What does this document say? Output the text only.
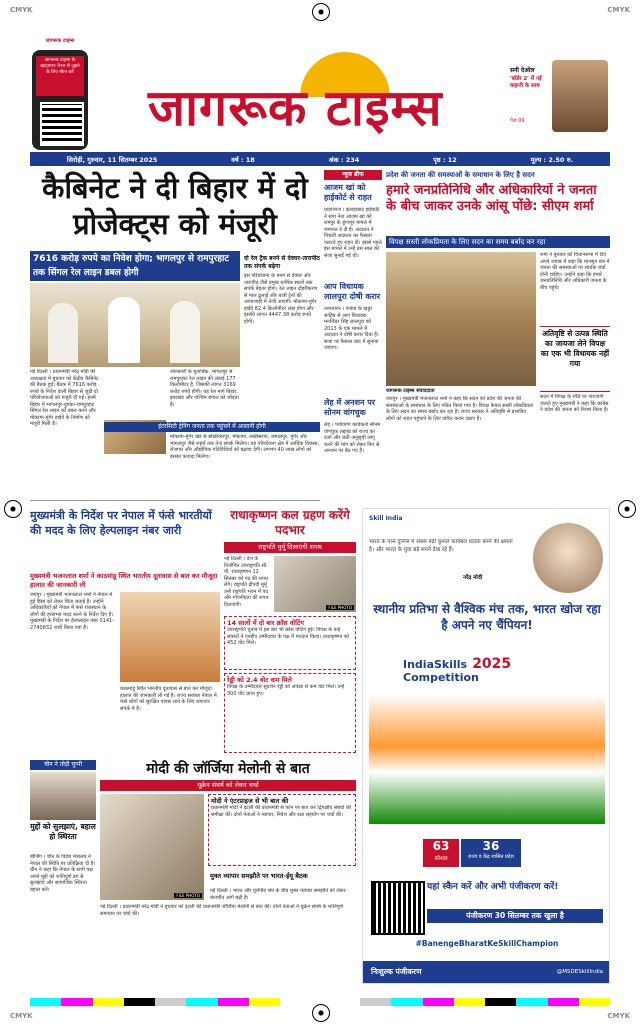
CMYK	CMYK
CMYK	CMYK
जागरूक टाइम्स के व्हाट्सएप चैनल से जुड़ने के लिए स्कैन करें
जागरूक टाइम्स
जागरूक टाइम्स
सनी देओल
'बॉर्डर 2' में नई कहानी के साथ
पेज 09
सिरोही, गुरुवार, 11 सितम्बर 2025	वर्ष : 18	अंक : 234	पृष्ठ : 12	मूल्य : 2.50 रु.
कैबिनेट ने दी बिहार में दो प्रोजेक्ट्स को मंजूरी
7616 करोड़ रुपये का निवेश होगा; भागलपुर से रामपुरहाट तक सिंगल रेल लाइन डबल होगी
नई दिल्ली । प्रधानमंत्री नरेंद्र मोदी की अध्यक्षता में बुधवार को केंद्रीय कैबिनेट की बैठक हुई। बैठक में 7616 करोड़ रुपये के निवेश वाली बिहार से जुड़ी दो परियोजनाओं को मंजूरी दी गई। इनमें बिहार में भागलपुर-दुमका-रामपुरहाट सिंगल रेल लाइन को डबल करने और मोकामा-मुंगेर हाईवे के निर्माण को मंजूरी मिली है।
जानकारी के मुताबिक, भागलपुर से रामपुरहाट रेल लाइन की लंबाई 177 किलोमीटर है, जिसकी लागत 3169 करोड़ रुपये होगी। यह रेल मार्ग बिहार, झारखंड और पश्चिम बंगाल को जोड़ता है।
दो रेल ट्रैक बनने से देवघर-तारापीठ तक संपर्क बढ़ेगा
इस परियोजना के बनने से देवघर और तारापीठ जैसे प्रमुख धार्मिक स्थलों तक संपर्क बेहतर होगा। रेल लाइन दोहरीकरण से माल ढुलाई और यात्री ट्रेनों की आवाजाही में तेजी आएगी। मोकामा-मुंगेर हाईवे 82.4 किलोमीटर लंबा होगा और इसकी लागत 4447.38 करोड़ रुपये होगी।
इंटरसिटी ट्रेनिंग जनता तक पहुंचने में आसानी होगी
मोकामा-मुंगेर खंड से बख्तियारपुर, मोकामा, लखीसराय, जमालपुर, मुंगेर और भागलपुर जैसे शहरों तक तेज संपर्क मिलेगा। यह परियोजना क्षेत्र में आर्थिक विकास, रोजगार और औद्योगिक गतिविधियों को बढ़ावा देगी। लगभग 40 लाख लोगों को इसका फायदा मिलेगा।
न्यूज ब्रीफ
आजम खां को हाईकोर्ट से राहत
प्रयागराज । इलाहाबाद हाईकोर्ट ने सपा नेता आजम खां को रामपुर के डूंगरपुर मामले में जमानत दे दी है। अदालत ने निचली अदालत का फैसला पलटते हुए राहत दी। इससे पहले इस मामले में उन्हें दस साल की सजा सुनाई गई थी।
आप विधायक लालपुरा दोषी करार
तरनतारन । पंजाब के खडूर साहिब से आप विधायक मनजिंदर सिंह लालपुरा को 2013 के एक मामले में अदालत ने दोषी करार दिया है। सजा पर फैसला बाद में सुनाया जाएगा।
लेह में अनशन पर सोनम वांगचुक
लेह । पर्यावरण कार्यकर्ता सोनम वांगचुक लद्दाख को राज्य का दर्जा और छठी अनुसूची लागू करने की मांग को लेकर फिर से अनशन पर बैठ गए हैं।
प्रदेश की जनता की समस्याओं के समाधान के लिए है सदन
हमारे जनप्रतिनिधि और अधिकारियों ने जनता के बीच जाकर उनके आंसू पोंछे: सीएम शर्मा
विपक्ष सस्ती लोकप्रियता के लिए सदन का समय बर्बाद कर रहा
जागरूक टाइम्स संवाददाता
जयपुर । मुख्यमंत्री भजनलाल शर्मा ने कहा कि सदन को प्रदेश की जनता की समस्याओं के समाधान के लिए गठित किया गया है। विपक्ष केवल सस्ती लोकप्रियता के लिए सदन का समय बर्बाद कर रहा है। राज्य सरकार ने अतिवृष्टि से प्रभावित लोगों को राहत पहुंचाने के लिए त्वरित कदम उठाए हैं।
शर्मा ने बुधवार को विधानसभा में दिए अपने जवाब में कहा कि मानसून सत्र में जनता की समस्याओं पर सार्थक चर्चा होनी चाहिए। उन्होंने कहा कि हमारे जनप्रतिनिधि और अधिकारी जनता के बीच पहुंचे।
अतिवृष्टि से उत्पन्न स्थिति का जायजा लेने विपक्ष का एक भी विधायक नहीं गया
सदन में विपक्ष के रवैये पर नाराजगी जताते हुए मुख्यमंत्री ने कहा कि कांग्रेस ने प्रदेश की जनता को निराश किया है।
मुख्यमंत्री के निर्देश पर नेपाल में फंसे भारतीयों की मदद के लिए हेल्पलाइन नंबर जारी
मुख्यमंत्री भजनलाल शर्मा ने काठमांडू स्थित भारतीय दूतावास से बात कर मौजूदा हालात की जानकारी ली
जयपुर । मुख्यमंत्री भजनलाल शर्मा ने नेपाल में हुई हिंसा को लेकर चिंता जताई है। उन्होंने अधिकारियों को नेपाल में फंसे राजस्थान के लोगों की हरसंभव मदद करने के निर्देश दिए हैं। मुख्यमंत्री के निर्देश पर हेल्पलाइन नंबर 0141-2740832 जारी किया गया है।
काठमांडू स्थित भारतीय दूतावास से बात कर मौजूदा हालात की जानकारी ली गई है। राज्य सरकार नेपाल में फंसे लोगों को सुरक्षित वापस लाने के लिए लगातार संपर्क में है।
राधाकृष्णन कल ग्रहण करेंगे पदभार
राष्ट्रपति मुर्मू दिलाएंगी शपथ
नई दिल्ली । देश के निर्वाचित उपराष्ट्रपति सी. पी. राधाकृष्णन 12 सितंबर को पद की शपथ लेंगे। राष्ट्रपति द्रौपदी मुर्मू उन्हें राष्ट्रपति भवन में पद और गोपनीयता की शपथ दिलाएंगी।	FILE PHOTO
14 सालों में दो बार क्रॉस वोटिंग
उपराष्ट्रपति चुनाव में इस बार भी क्रॉस वोटिंग हुई। विपक्ष के कई सांसदों ने एनडीए उम्मीदवार के पक्ष में मतदान किया। राधाकृष्णन को 452 वोट मिले।
रेड्डी को 2.4 वोट कम मिले
विपक्ष के उम्मीदवार सुदर्शन रेड्डी को अपेक्षा से कम वोट मिले। उन्हें 300 वोट प्राप्त हुए।
चीन ने तोड़ी चुप्पी
मुद्दों को सुलझाएं, बहाल हो स्थिरता
बीजिंग । चीन के विदेश मंत्रालय ने नेपाल की स्थिति पर प्रतिक्रिया दी है। चीन ने कहा कि नेपाल के सभी पक्ष अपने मुद्दों को शांतिपूर्ण ढंग से सुलझाएं और सामाजिक स्थिरता बहाल करें।
मोदी की जॉर्जिया मेलोनी से बात
यूक्रेन संघर्ष को लेकर चर्चा
FILE PHOTO
मोदी ने एंटरप्राइज से भी बात की
प्रधानमंत्री मोदी ने इटली की प्रधानमंत्री से फोन पर बात कर द्विपक्षीय संबंधों की समीक्षा की। दोनों नेताओं ने व्यापार, निवेश और रक्षा सहयोग पर चर्चा की।
मुक्त व्यापार समझौते पर भारत-ईयू बैठक
नई दिल्ली । भारत और यूरोपीय संघ के बीच मुक्त व्यापार समझौते को लेकर बातचीत आगे बढ़ी है।
नई दिल्ली । प्रधानमंत्री नरेंद्र मोदी ने बुधवार को इटली की प्रधानमंत्री जॉर्जिया मेलोनी से बात की। दोनों नेताओं ने यूक्रेन संघर्ष के शांतिपूर्ण समाधान पर चर्चा की।
Skill India
भारत के पास दुनिया में सबसे बड़ी कुशल कार्यबल प्रदाता बनने की क्षमता है। और भारत के युवा बड़े सपने देख रहे हैं।
नरेंद्र मोदी
स्थानीय प्रतिभा से वैश्विक मंच तक, भारत खोज रहा है अपने नए चैंपियन!
IndiaSkills 2025
Competition
63
कौशल
36
राज्य व केंद्र शासित प्रदेश
यहां स्कैन करें और अभी पंजीकरण करें!
पंजीकरण 30 सितम्बर तक खुला है
#BanengeBharatKeSkillChampion
निःशुल्क पंजीकरण	@MSDESkillIndia
